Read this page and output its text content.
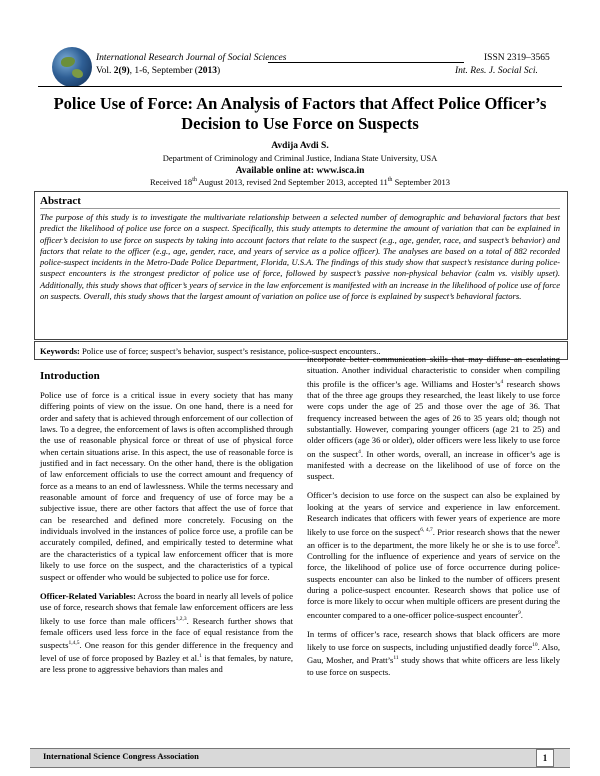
International Research Journal of Social Sciences	ISSN 2319–3565
Vol. 2(9), 1-6, September (2013)	Int. Res. J. Social Sci.
Police Use of Force: An Analysis of Factors that Affect Police Officer’s
Decision to Use Force on Suspects
Avdija Avdi S.
Department of Criminology and Criminal Justice, Indiana State University, USA
Available online at: www.isca.in
Received 18th August 2013, revised 2nd September 2013, accepted 11th September 2013
Abstract
The purpose of this study is to investigate the multivariate relationship between a selected number of demographic and behavioral factors that best predict the likelihood of police use force on a suspect. Specifically, this study attempts to determine the amount of variation that can be explained in officer’s decision to use force on suspects by taking into account factors that relate to the suspect (e.g., age, gender, race, and suspect’s behavior) and factors that relate to the officer (e.g., age, gender, race, and years of service as a police officer). The analyses are based on a total of 882 recorded police-suspect incidents in the Metro-Dade Police Department, Florida, U.S.A. The findings of this study show that suspect’s resistance during police-suspect encounters is the strongest predictor of police use of force, followed by suspect’s passive non-physical behavior (calm vs. visibly upset). Additionally, this study shows that officer’s years of service in the law enforcement is manifested with an increase in the likelihood of police use of force on suspects. Overall, this study shows that the largest amount of variation on police use of force is explained by suspect’s behavioral factors.
Keywords: Police use of force; suspect’s behavior, suspect’s resistance, police-suspect encounters..
Introduction

Police use of force is a critical issue in every society that has many differing points of view on the issue. On one hand, there is a need for order and safety that is achieved through enforcement of our collection of laws. To a degree, the enforcement of laws is often accomplished through the use of reasonable physical force or threat of use of physical force when certain situations arise. In this aspect, the use of reasonable force is justified and in fact necessary. On the other hand, there is the obligation of law enforcement officials to use the correct amount and frequency of force as a means to an end of lawlessness. While the terms necessary and reasonable amount of force and frequency of use of force may be a subjective issue, there are other factors that affect the use of force that can be researched and defined more concretely. Focusing on the individuals involved in the instances of police force use, a profile can be accurately compiled, defined, and empirically tested to determine what are the characteristics of a typical law enforcement officer that is more likely to use force on the suspect, and the characteristics of a typical suspect or offender who would be subjected to police use for force.

Officer-Related Variables: Across the board in nearly all levels of police use of force, research shows that female law enforcement officers are less likely to use force than male officers$^{1,2,3}$. Research further shows that female officers used less force in the face of equal resistance from the suspects$^{1,4,5}$. One reason for this gender difference in the frequency and level of use of force proposed by Bazley et al.$^1$ is that females, by nature, are less prone to aggressive behaviors than males and

incorporate better communication skills that may diffuse an escalating situation. Another individual characteristic to consider when compiling this profile is the officer’s age. Williams and $Hoster’s^4$ research shows that of the three age groups they researched, the least likely to use force were cops under the age of 25 and those over the age of 36. That frequency increased between the ages of 26 to 35 years old; though not substantially. However, comparing younger officers (age 21 to 25) and older officers (age 36 or older), older officers were less likely to use force on the suspect$^4$. In other words, overall, an increase in officer’s age is manifested with a decrease on the likelihood of use of force on the suspect.

Officer’s decision to use force on the suspect can also be explained by looking at the years of service and experience in law enforcement. Research indicates that officers with fewer years of experience are more likely to use force on the suspect$^{6, 4,7}$. Prior research shows that the newer an officer is to the department, the more likely he or she is to use force$^8$. Controlling for the influence of experience and years of service on the force, the likelihood of police use of force occurrence during police-suspects encounter can also be linked to the number of officers present during a police-suspect encounter. Research shows that police use of force is more likely to occur when multiple officers are present during the encounter compared to a one-officer police-suspect encounter$^9$.

In terms of officer’s race, research shows that black officers are more likely to use force on suspects, including unjustified deadly force$^{10}$. Also, Gau, Mosher, and $Pratt’s^{11}$ study shows that white officers are less likely to use force on suspects.

International Science Congress Association	1
